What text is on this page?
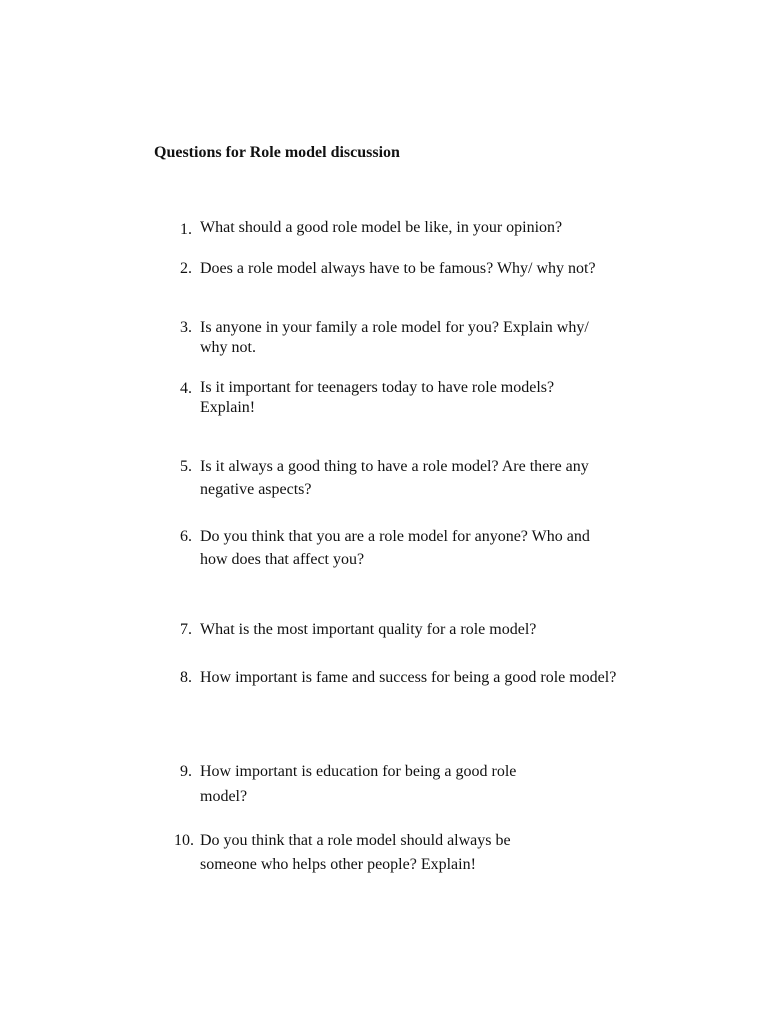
Questions for Role model discussion
1. What should a good role model be like, in your opinion?
2. Does a role model always have to be famous? Why/ why not?
3. Is anyone in your family a role model for you? Explain why/ why not.
4. Is it important for teenagers today to have role models? Explain!
5. Is it always a good thing to have a role model? Are there any negative aspects?
6. Do you think that you are a role model for anyone? Who and how does that affect you?
7. What is the most important quality for a role model?
8. How important is fame and success for being a good role model?
9. How important is education for being a good role model?
10. Do you think that a role model should always be someone who helps other people? Explain!
